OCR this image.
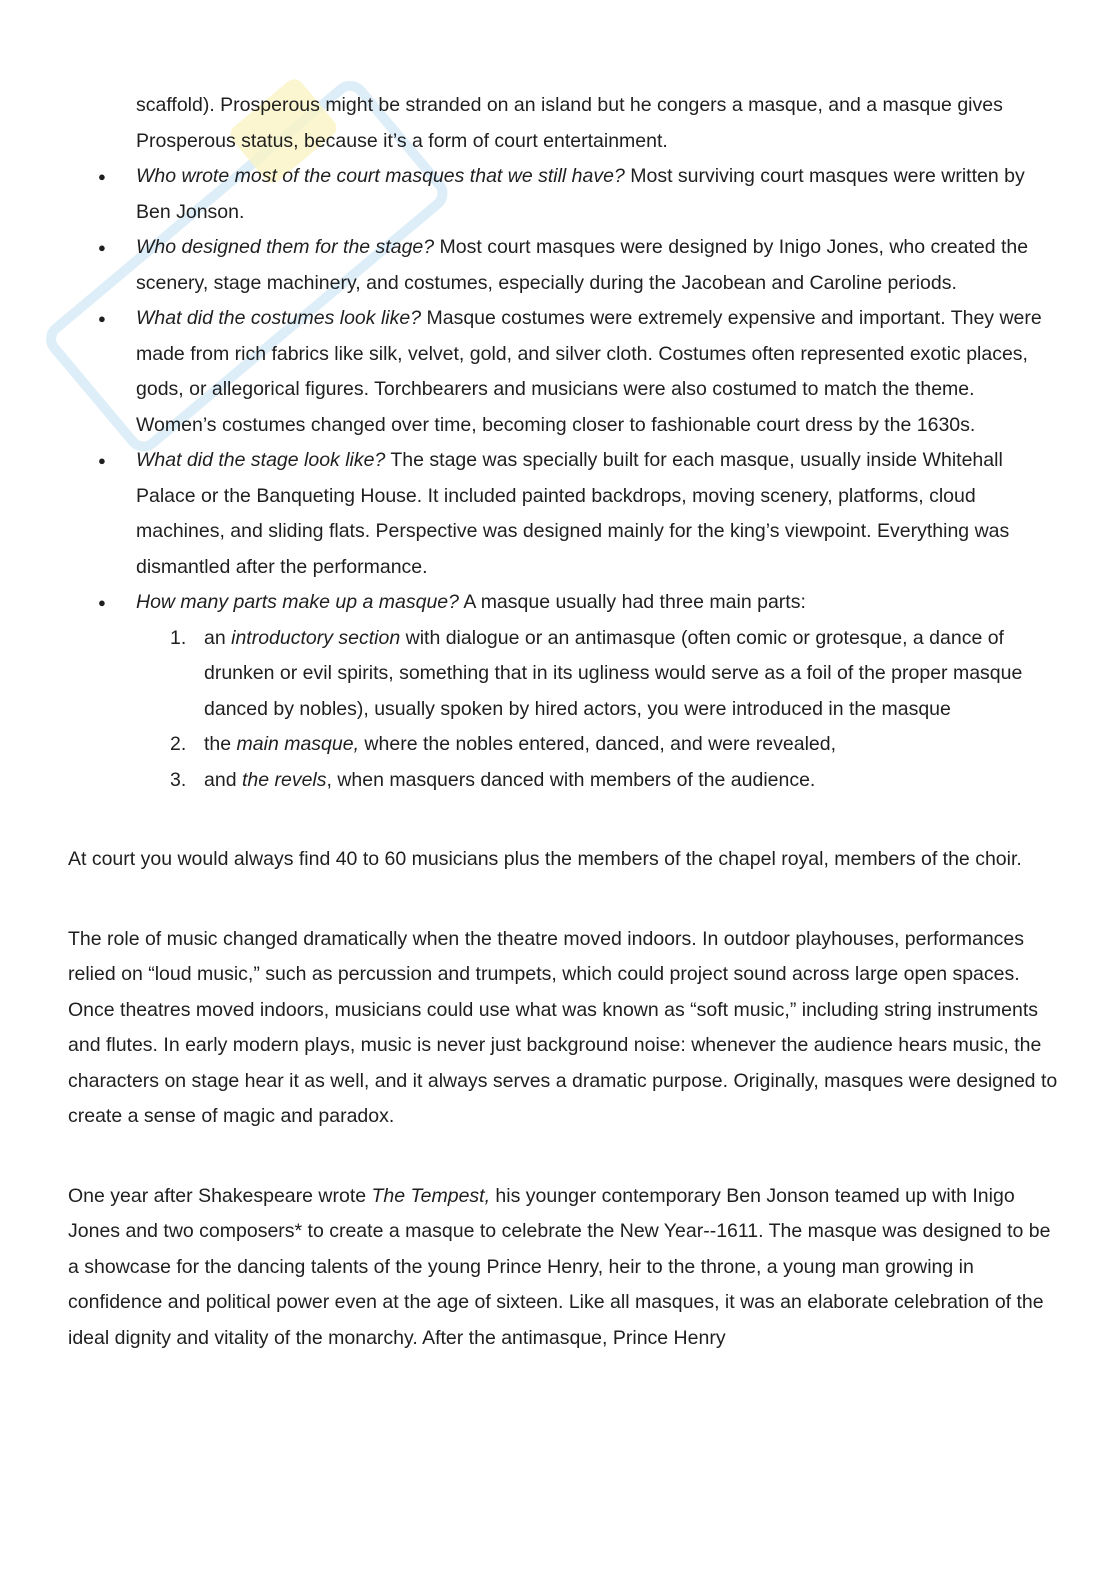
scaffold). Prosperous might be stranded on an island but he congers a masque, and a masque gives Prosperous status, because it’s a form of court entertainment.

● Who wrote most of the court masques that we still have? Most surviving court masques were written by Ben Jonson.
● Who designed them for the stage? Most court masques were designed by Inigo Jones, who created the scenery, stage machinery, and costumes, especially during the Jacobean and Caroline periods.
● What did the costumes look like? Masque costumes were extremely expensive and important. They were made from rich fabrics like silk, velvet, gold, and silver cloth. Costumes often represented exotic places, gods, or allegorical figures. Torchbearers and musicians were also costumed to match the theme. Women’s costumes changed over time, becoming closer to fashionable court dress by the 1630s.
● What did the stage look like? The stage was specially built for each masque, usually inside Whitehall Palace or the Banqueting House. It included painted backdrops, moving scenery, platforms, cloud machines, and sliding flats. Perspective was designed mainly for the king’s viewpoint. Everything was dismantled after the performance.
● How many parts make up a masque? A masque usually had three main parts:
1. an introductory section with dialogue or an antimasque (often comic or grotesque, a dance of drunken or evil spirits, something that in its ugliness would serve as a foil of the proper masque danced by nobles), usually spoken by hired actors, you were introduced in the masque
2. the main masque, where the nobles entered, danced, and were revealed,
3. and the revels, when masquers danced with members of the audience.

At court you would always find 40 to 60 musicians plus the members of the chapel royal, members of the choir.

The role of music changed dramatically when the theatre moved indoors. In outdoor playhouses, performances relied on “loud music,” such as percussion and trumpets, which could project sound across large open spaces. Once theatres moved indoors, musicians could use what was known as “soft music,” including string instruments and flutes. In early modern plays, music is never just background noise: whenever the audience hears music, the characters on stage hear it as well, and it always serves a dramatic purpose. Originally, masques were designed to create a sense of magic and paradox.

One year after Shakespeare wrote The Tempest, his younger contemporary Ben Jonson teamed up with Inigo Jones and two composers* to create a masque to celebrate the New Year--1611. The masque was designed to be a showcase for the dancing talents of the young Prince Henry, heir to the throne, a young man growing in confidence and political power even at the age of sixteen. Like all masques, it was an elaborate celebration of the ideal dignity and vitality of the monarchy. After the antimasque, Prince Henry
